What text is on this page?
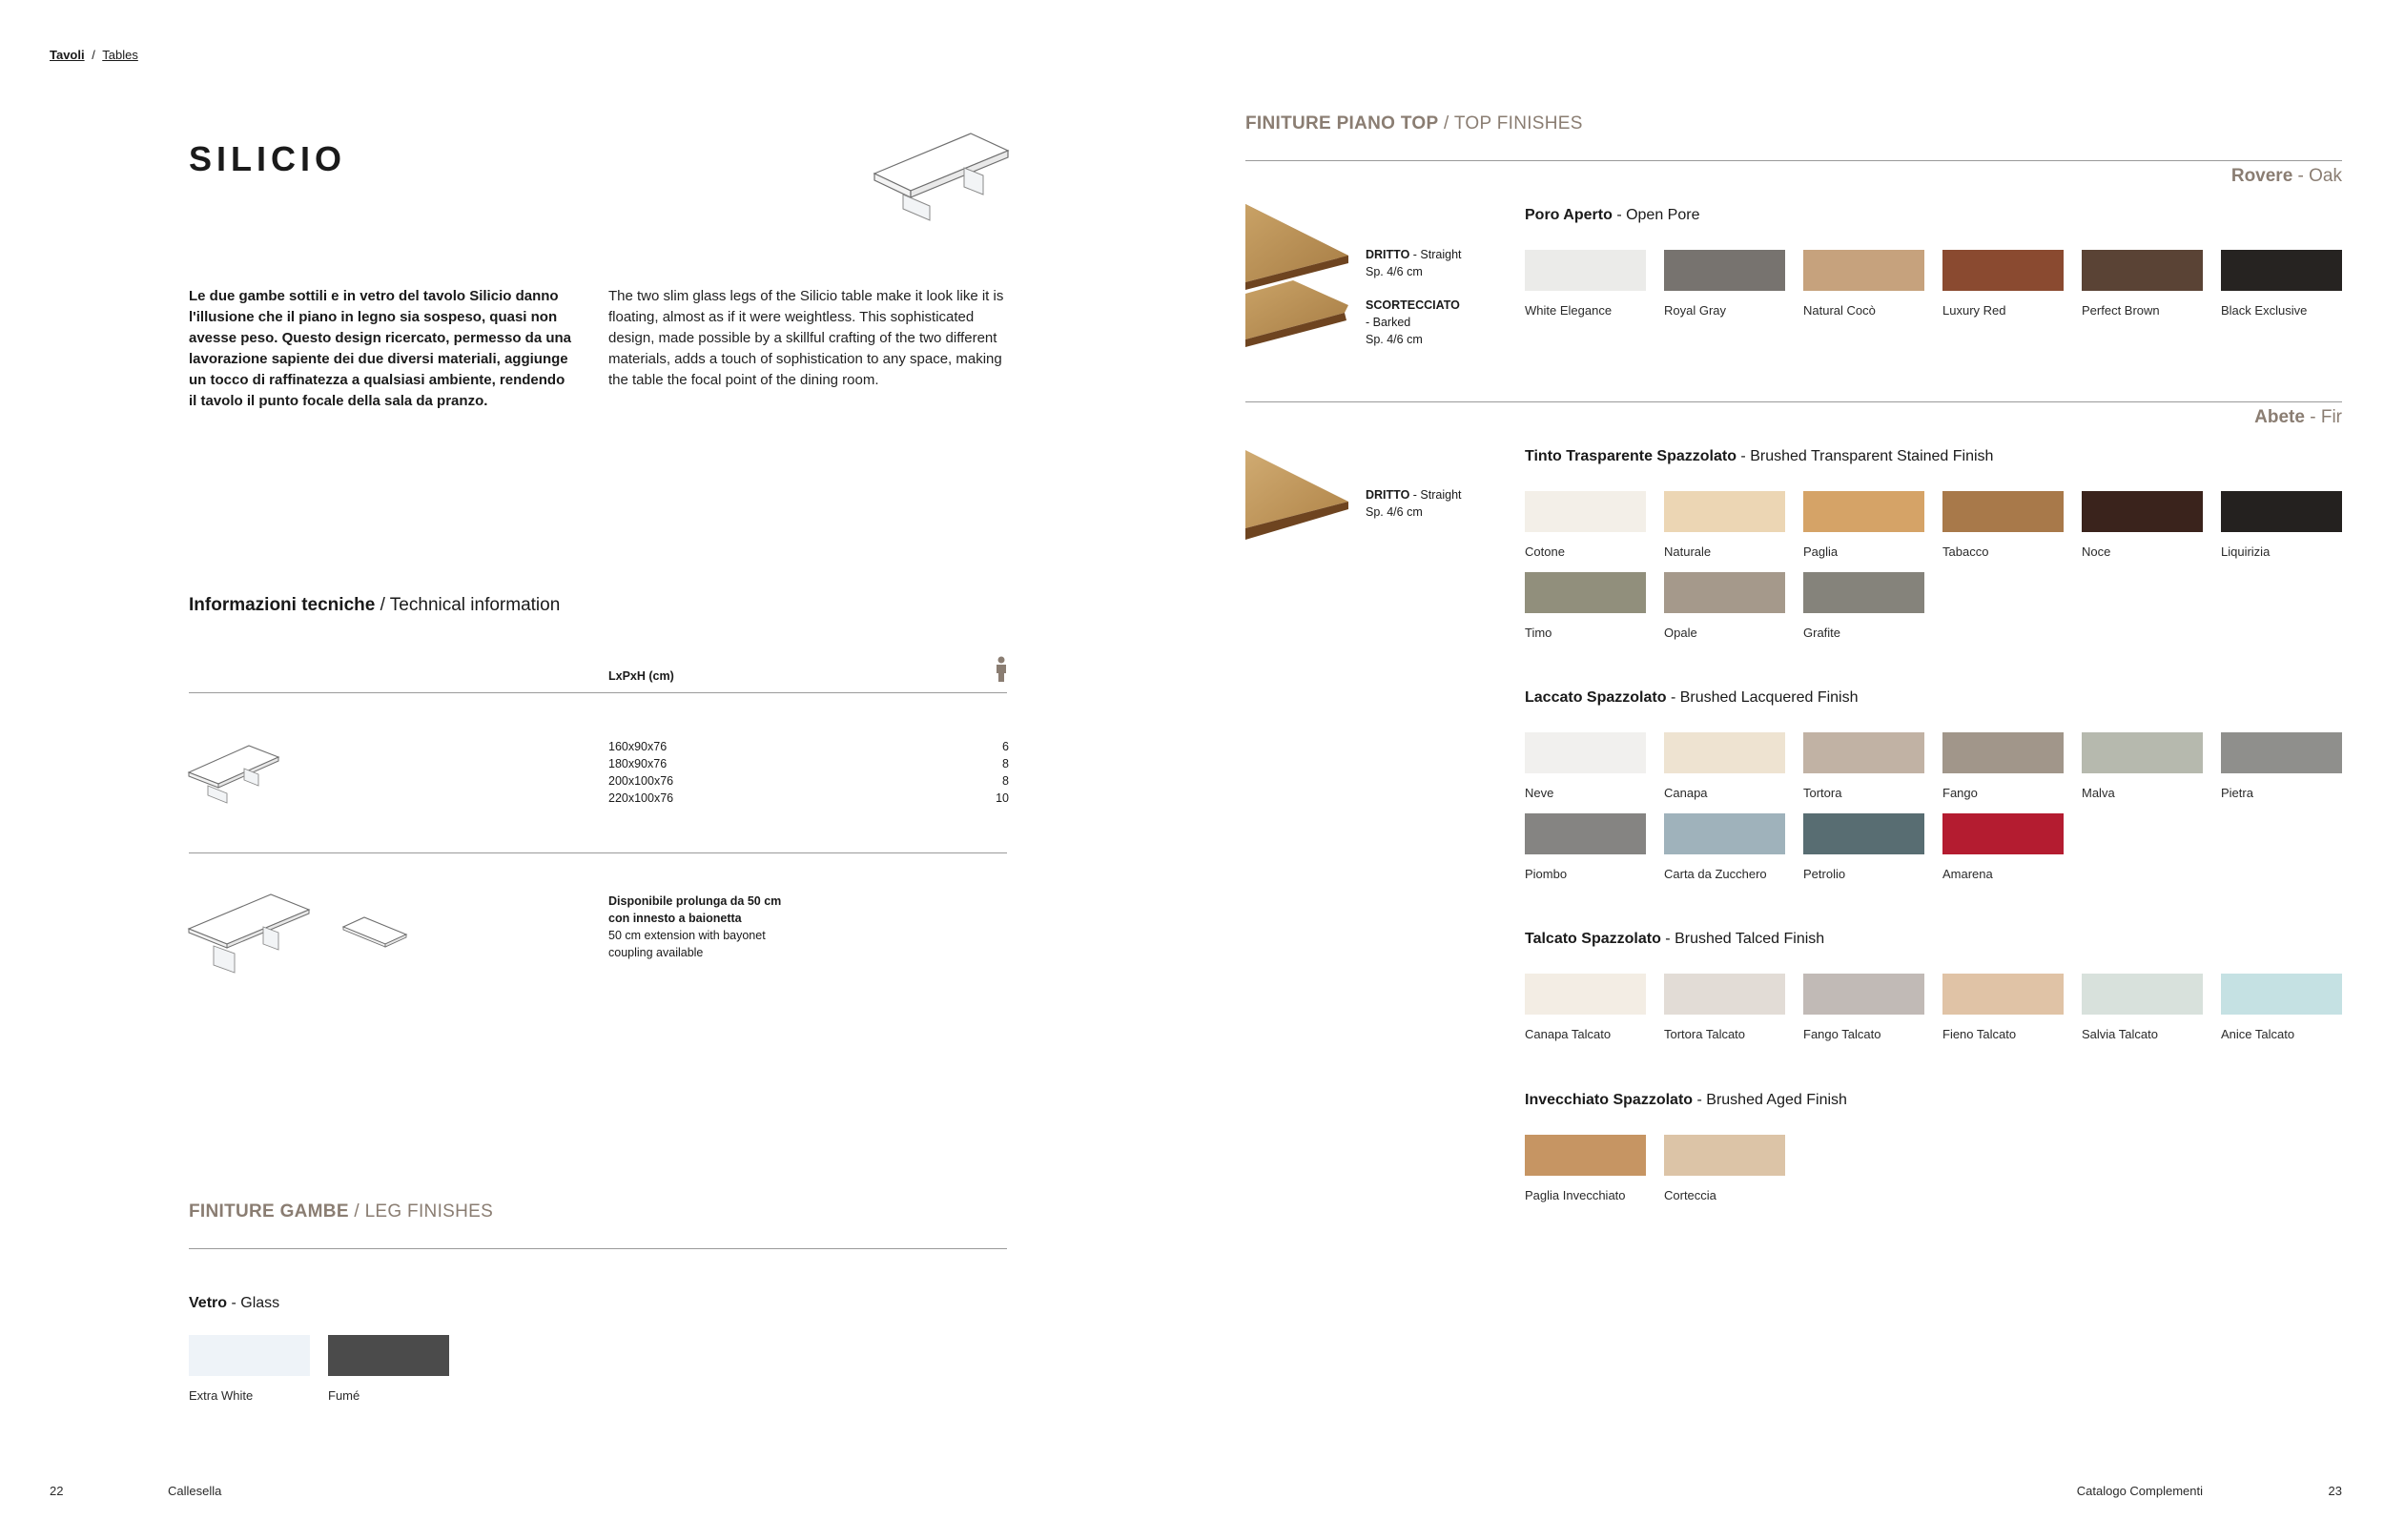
Tavoli / Tables
SILICIO
Le due gambe sottili e in vetro del tavolo Silicio danno l'illusione che il piano in legno sia sospeso, quasi non avesse peso. Questo design ricercato, permesso da una lavorazione sapiente dei due diversi materiali, aggiunge un tocco di raffinatezza a qualsiasi ambiente, rendendo il tavolo il punto focale della sala da pranzo.
The two slim glass legs of the Silicio table make it look like it is floating, almost as if it were weightless. This sophisticated design, made possible by a skillful crafting of the two different materials, adds a touch of sophistication to any space, making the table the focal point of the dining room.
Informazioni tecniche / Technical information
LxPxH (cm)
160x90x76	6
180x90x76	8
200x100x76	8
220x100x76	10
Disponibile prolunga da 50 cm
con innesto a baionetta
50 cm extension with bayonet
coupling available
FINITURE GAMBE / LEG FINISHES
Vetro - Glass
Extra White	Fumé
22	Callesella
FINITURE PIANO TOP / TOP FINISHES
Rovere - Oak
DRITTO - Straight
Sp. 4/6 cm
SCORTECCIATO
- Barked
Sp. 4/6 cm
Poro Aperto - Open Pore
White Elegance	Royal Gray	Natural Cocò	Luxury Red	Perfect Brown	Black Exclusive
Abete - Fir
DRITTO - Straight
Sp. 4/6 cm
Tinto Trasparente Spazzolato - Brushed Transparent Stained Finish
Cotone	Naturale	Paglia	Tabacco	Noce	Liquirizia
Timo	Opale	Grafite
Laccato Spazzolato - Brushed Lacquered Finish
Neve	Canapa	Tortora	Fango	Malva	Pietra
Piombo	Carta da Zucchero	Petrolio	Amarena
Talcato Spazzolato - Brushed Talced Finish
Canapa Talcato	Tortora Talcato	Fango Talcato	Fieno Talcato	Salvia Talcato	Anice Talcato
Invecchiato Spazzolato - Brushed Aged Finish
Paglia Invecchiato	Corteccia
Catalogo Complementi	23
